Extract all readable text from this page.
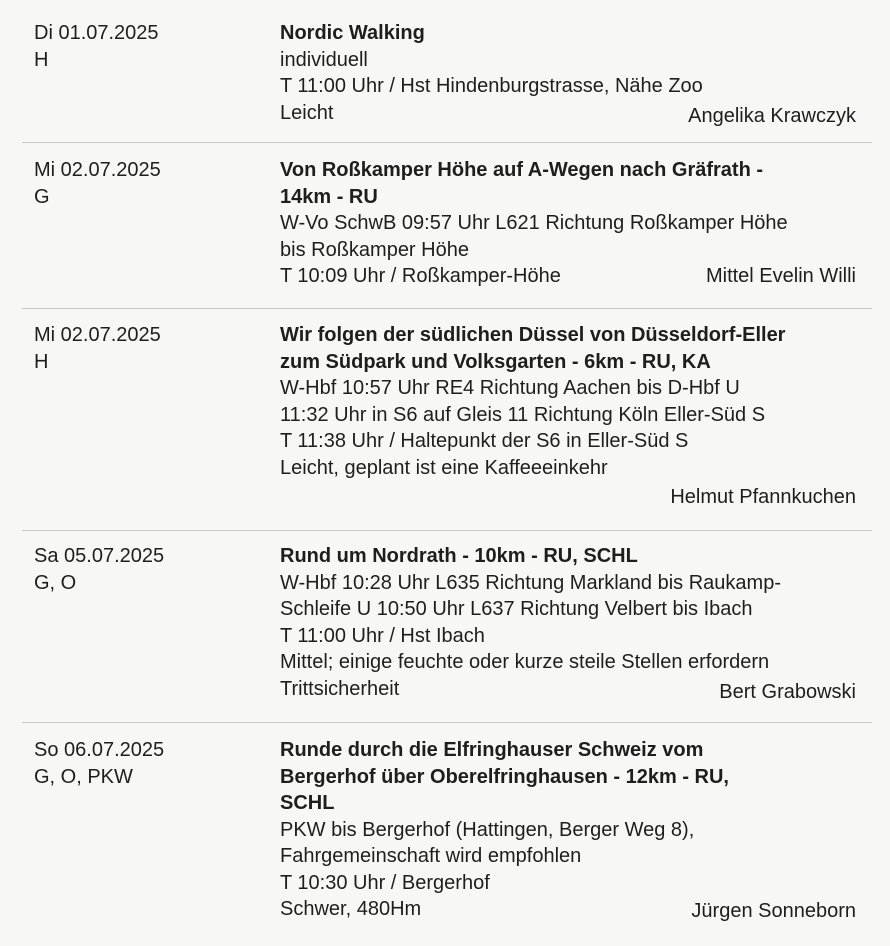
Di 01.07.2025
H
Nordic Walking
individuell
T 11:00 Uhr / Hst Hindenburgstrasse, Nähe Zoo
Leicht	Angelika Krawczyk
Mi 02.07.2025
G
Von Roßkamper Höhe auf A-Wegen nach Gräfrath -
14km - RU
W-Vo SchwB 09:57 Uhr L621 Richtung Roßkamper Höhe
bis Roßkamper Höhe
T 10:09 Uhr / Roßkamper-Höhe	Mittel Evelin Willi
Mi 02.07.2025
H
Wir folgen der südlichen Düssel von Düsseldorf-Eller
zum Südpark und Volksgarten - 6km - RU, KA
W-Hbf 10:57 Uhr RE4 Richtung Aachen bis D-Hbf U
11:32 Uhr in S6 auf Gleis 11 Richtung Köln Eller-Süd S
T 11:38 Uhr / Haltepunkt der S6 in Eller-Süd S
Leicht, geplant ist eine Kaffeeeinkehr
Helmut Pfannkuchen
Sa 05.07.2025
G, O
Rund um Nordrath - 10km - RU, SCHL
W-Hbf 10:28 Uhr L635 Richtung Markland bis Raukamp-
Schleife U 10:50 Uhr L637 Richtung Velbert bis Ibach
T 11:00 Uhr / Hst Ibach
Mittel; einige feuchte oder kurze steile Stellen erfordern
Trittsicherheit	Bert Grabowski
So 06.07.2025
G, O, PKW
Runde durch die Elfringhauser Schweiz vom
Bergerhof über Oberelfringhausen - 12km - RU,
SCHL
PKW bis Bergerhof (Hattingen, Berger Weg 8),
Fahrgemeinschaft wird empfohlen
T 10:30 Uhr / Bergerhof
Schwer, 480Hm	Jürgen Sonneborn
